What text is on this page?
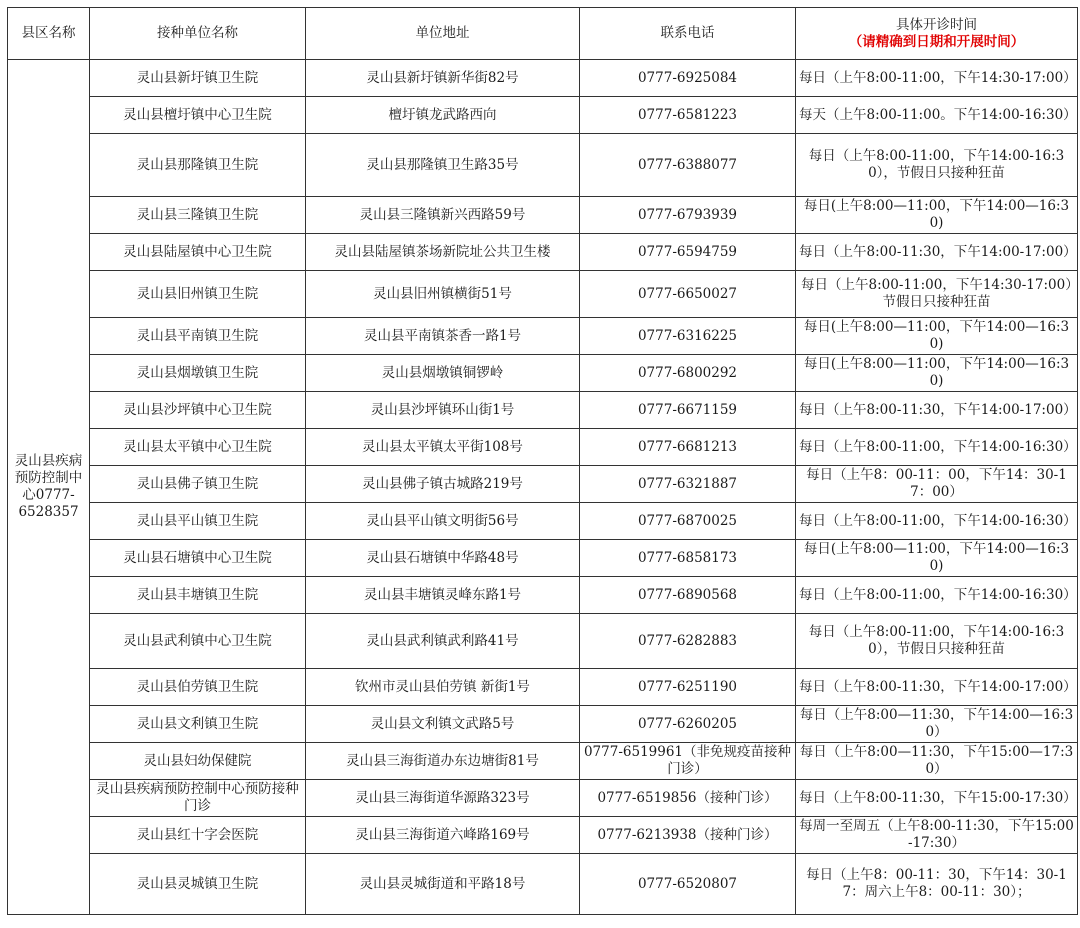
县区名称	接种单位名称	单位地址	联系电话	具体开诊时间
（请精确到日期和开展时间）

灵山县疾病预防控制中心0777-6528357	灵山县新圩镇卫生院	灵山县新圩镇新华街82号	0777-6925084	每日（上午8:00-11:00，下午14:30-17:00）
	灵山县檀圩镇中心卫生院	檀圩镇龙武路西向	0777-6581223	每天（上午8:00-11:00。下午14:00-16:30）
	灵山县那隆镇卫生院	灵山县那隆镇卫生路35号	0777-6388077	每日（上午8:00-11:00，下午14:00-16:30），节假日只接种狂苗
	灵山县三隆镇卫生院	灵山县三隆镇新兴西路59号	0777-6793939	每日(上午8:00—11:00，下午14:00—16:30)
	灵山县陆屋镇中心卫生院	灵山县陆屋镇茶场新院址公共卫生楼	0777-6594759	每日（上午8:00-11:30，下午14:00-17:00）
	灵山县旧州镇卫生院	灵山县旧州镇横街51号	0777-6650027	每日（上午8:00-11:00，下午14:30-17:00）节假日只接种狂苗
	灵山县平南镇卫生院	灵山县平南镇茶香一路1号	0777-6316225	每日(上午8:00—11:00，下午14:00—16:30)
	灵山县烟墩镇卫生院	灵山县烟墩镇铜锣岭	0777-6800292	每日(上午8:00—11:00，下午14:00—16:30)
	灵山县沙坪镇中心卫生院	灵山县沙坪镇环山街1号	0777-6671159	每日（上午8:00-11:30，下午14:00-17:00）
	灵山县太平镇中心卫生院	灵山县太平镇太平街108号	0777-6681213	每日（上午8:00-11:00，下午14:00-16:30）
	灵山县佛子镇卫生院	灵山县佛子镇古城路219号	0777-6321887	每日（上午8：00-11：00，下午14：30-17：00）
	灵山县平山镇卫生院	灵山县平山镇文明街56号	0777-6870025	每日（上午8:00-11:00，下午14:00-16:30）
	灵山县石塘镇中心卫生院	灵山县石塘镇中华路48号	0777-6858173	每日(上午8:00—11:00，下午14:00—16:30)
	灵山县丰塘镇卫生院	灵山县丰塘镇灵峰东路1号	0777-6890568	每日（上午8:00-11:00，下午14:00-16:30）
	灵山县武利镇中心卫生院	灵山县武利镇武利路41号	0777-6282883	每日（上午8:00-11:00，下午14:00-16:30），节假日只接种狂苗
	灵山县伯劳镇卫生院	钦州市灵山县伯劳镇 新街1号	0777-6251190	每日（上午8:00-11:30，下午14:00-17:00）
	灵山县文利镇卫生院	灵山县文利镇文武路5号	0777-6260205	每日（上午8:00—11:30，下午14:00—16:30）
	灵山县妇幼保健院	灵山县三海街道办东边塘街81号	0777-6519961（非免规疫苗接种门诊）	每日（上午8:00—11:30，下午15:00—17:30）
	灵山县疾病预防控制中心预防接种门诊	灵山县三海街道华源路323号	0777-6519856（接种门诊）	每日（上午8:00-11:30，下午15:00-17:30）
	灵山县红十字会医院	灵山县三海街道六峰路169号	0777-6213938（接种门诊）	每周一至周五（上午8:00-11:30，下午15:00-17:30）
	灵山县灵城镇卫生院	灵山县灵城街道和平路18号	0777-6520807	每日（上午8：00-11：30，下午14：30-17：周六上午8：00-11：30）；
